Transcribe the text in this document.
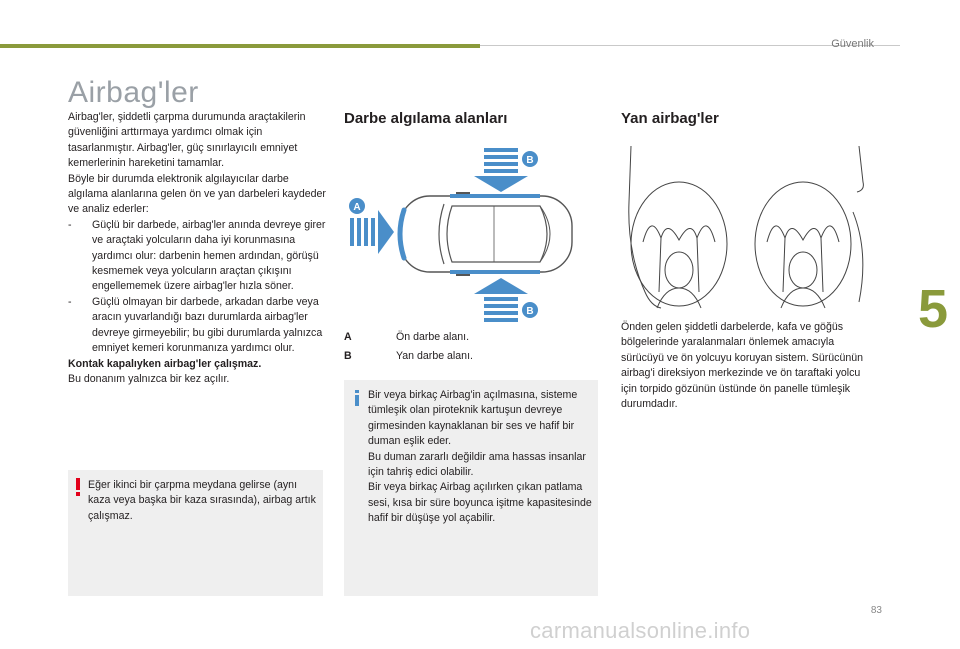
Güvenlik
5
Airbag'ler

Airbag'ler, şiddetli çarpma durumunda araçtakilerin güvenliğini arttırmaya yardımcı olmak için tasarlanmıştır. Airbag'ler, güç sınırlayıcılı emniyet kemerlerinin hareketini tamamlar.

Böyle bir durumda elektronik algılayıcılar darbe algılama alanlarına gelen ön ve yan darbeleri kaydeder ve analiz ederler:

-	Güçlü bir darbede, airbag'ler anında devreye girer ve araçtaki yolcuların daha iyi korunmasına yardımcı olur: darbenin hemen ardından, görüşü kesmemek veya yolcuların araçtan çıkışını engellememek üzere airbag'ler hızla söner.
-	Güçlü olmayan bir darbede, arkadan darbe veya aracın yuvarlandığı bazı durumlarda airbag'ler devreye girmeyebilir; bu gibi durumlarda yalnızca emniyet kemeri korunmanıza yardımcı olur.

Kontak kapalıyken airbag'ler çalışmaz.

Bu donanım yalnızca bir kez açılır.

Eğer ikinci bir çarpma meydana gelirse (aynı kaza veya başka bir kaza sırasında), airbag artık çalışmaz.
Darbe algılama alanları
B
A
B
A	Ön darbe alanı.
B	Yan darbe alanı.

Bir veya birkaç Airbag'in açılmasına, sisteme tümleşik olan piroteknik kartuşun devreye girmesinden kaynaklanan bir ses ve hafif bir duman eşlik eder.

Bu duman zararlı değildir ama hassas insanlar için tahriş edici olabilir.

Bir veya birkaç Airbag açılırken çıkan patlama sesi, kısa bir süre boyunca işitme kapasitesinde hafif bir düşüşe yol açabilir.

Yan airbag'ler
Önden gelen şiddetli darbelerde, kafa ve göğüs bölgelerinde yaralanmaları önlemek amacıyla sürücüyü ve ön yolcuyu koruyan sistem. Sürücünün airbag'i direksiyon merkezinde ve ön taraftaki yolcu için torpido gözünün üstünde ön panelle tümleşik durumdadır.
83
carmanualsonline.info
